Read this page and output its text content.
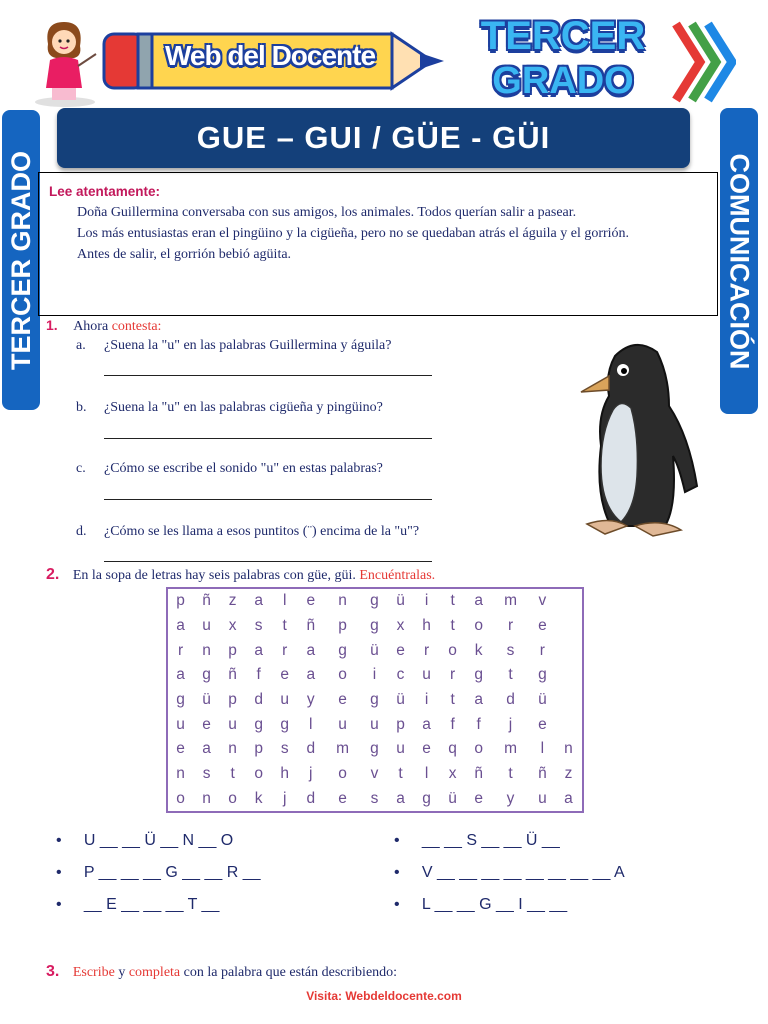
Web del Docente	TERCER
GRADO
TERCER GRADO	COMUNICACIÓN
GUE – GUI / GÜE - GÜI
Lee atentamente:

Doña Guillermina conversaba con sus amigos, los animales. Todos querían salir a pasear.

Los más entusiastas eran el pingüino y la cigüeña, pero no se quedaban atrás el águila y el gorrión.

Antes de salir, el gorrión bebió agüita.

1. Ahora contesta:
a. ¿Suena la "u" en las palabras Guillermina y águila?
b. ¿Suena la "u" en las palabras cigüeña y pingüino?
c. ¿Cómo se escribe el sonido "u" en estas palabras?
d. ¿Cómo se les llama a esos puntitos (¨) encima de la "u"?
2. En la sopa de letras hay seis palabras con güe, güi. Encuéntralas.
p	ñ	z	a	l	e	n	g	ü	i	t	a	m	v	
a	u	x	s	t	ñ	p	g	x	h	t	o	r	e	
r	n	p	a	r	a	g	ü	e	r	o	k	s	r	
a	g	ñ	f	e	a	o	i	c	u	r	g	t	g	
g	ü	p	d	u	y	e	g	ü	i	t	a	d	ü	
u	e	u	g	g	l	u	u	p	a	f	f	j	e	
e	a	n	p	s	d	m	g	u	e	q	o	m	l	n
n	s	t	o	h	j	o	v	t	l	x	ñ	t	ñ	z
o	n	o	k	j	d	e	s	a	g	ü	e	y	u	a
•     U __ __ Ü __ N __ O
•     P __ __ __ G __ __ R __
•     __ E __ __ __ T __
•     __ __ S __ __ Ü __
•     V __ __ __ __ __ __ __ __ A
•     L __ __ G __ I __ __
3. Escribe y completa con la palabra que están describiendo:
Visita: Webdeldocente.com
